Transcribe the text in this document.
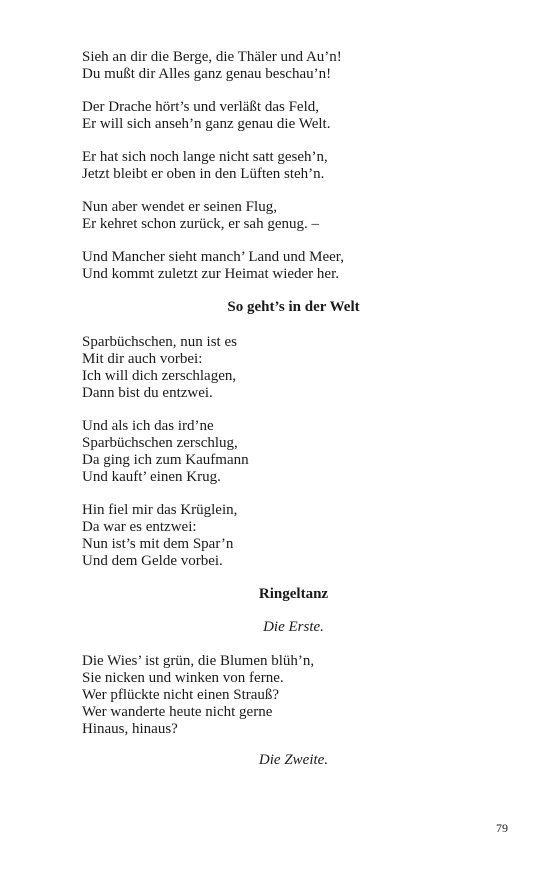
Sieh an dir die Berge, die Thäler und Au’n!
Du mußt dir Alles ganz genau beschau’n!
Der Drache hört’s und verläßt das Feld,
Er will sich anseh’n ganz genau die Welt.
Er hat sich noch lange nicht satt geseh’n,
Jetzt bleibt er oben in den Lüften steh’n.
Nun aber wendet er seinen Flug,
Er kehret schon zurück, er sah genug. –
Und Mancher sieht manch’ Land und Meer,
Und kommt zuletzt zur Heimat wieder her.
So geht’s in der Welt
Sparbüchschen, nun ist es
Mit dir auch vorbei:
Ich will dich zerschlagen,
Dann bist du entzwei.
Und als ich das ird’ne
Sparbüchschen zerschlug,
Da ging ich zum Kaufmann
Und kauft’ einen Krug.
Hin fiel mir das Krüglein,
Da war es entzwei:
Nun ist’s mit dem Spar’n
Und dem Gelde vorbei.
Ringeltanz
Die Erste.
Die Wies’ ist grün, die Blumen blüh’n,
Sie nicken und winken von ferne.
Wer pflückte nicht einen Strauß?
Wer wanderte heute nicht gerne
Hinaus, hinaus?
Die Zweite.
79
